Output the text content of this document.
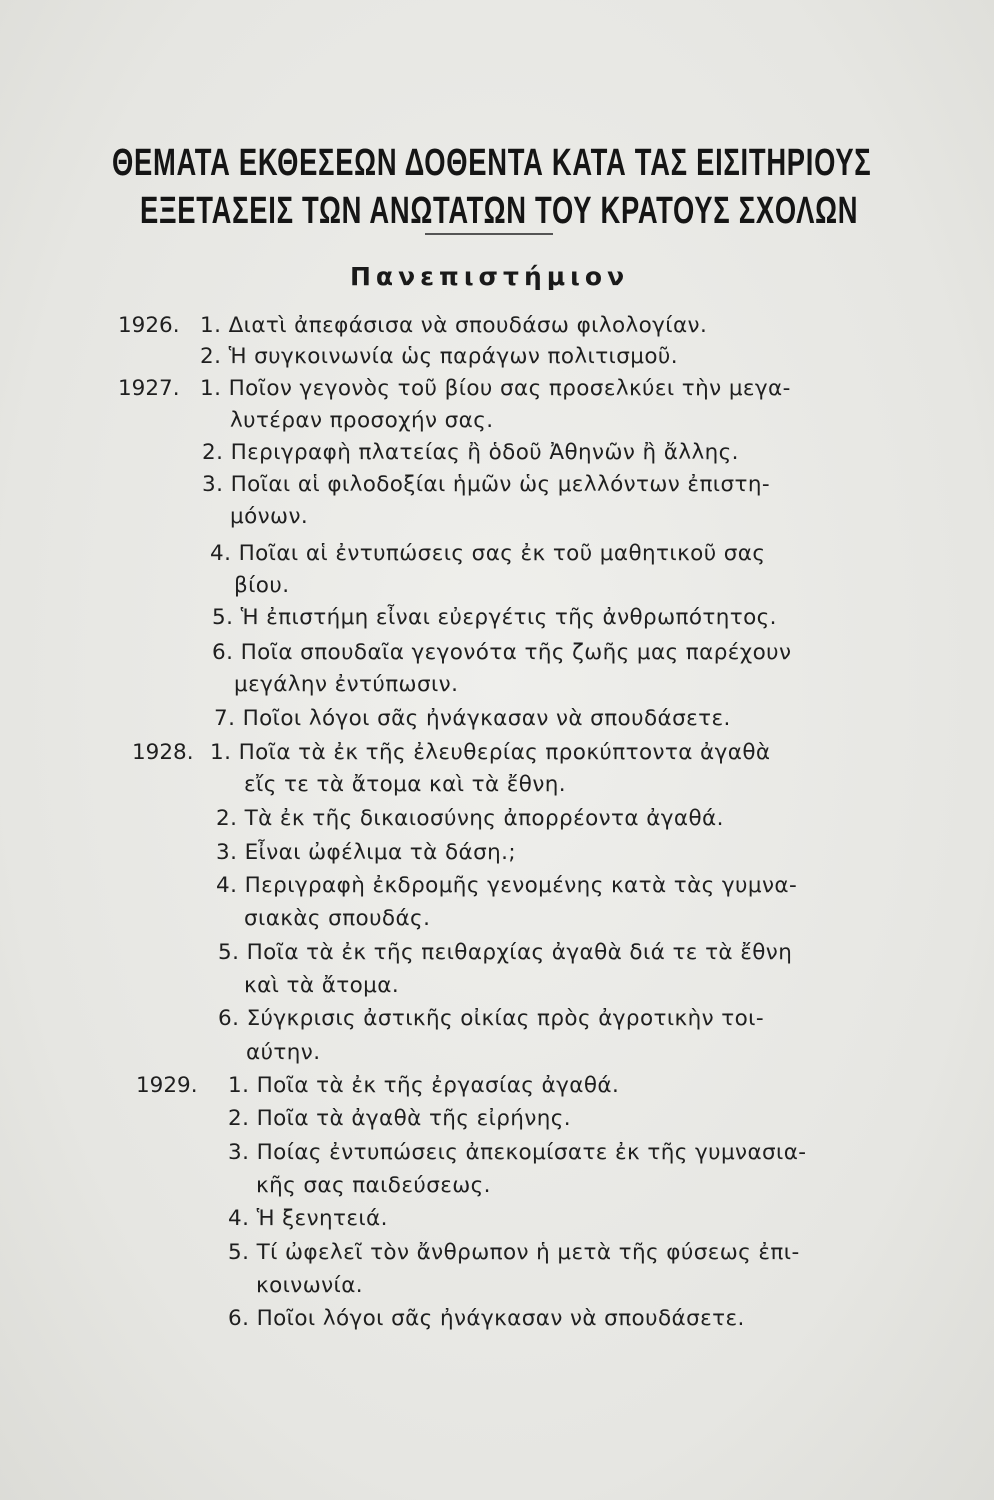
ΘΕΜΑΤΑ ΕΚΘΕΣΕΩΝ ΔΟΘΕΝΤΑ ΚΑΤΑ ΤΑΣ ΕΙΣΙΤΗΡΙΟΥΣ
ΕΞΕΤΑΣΕΙΣ ΤΩΝ ΑΝΩΤΑΤΩΝ ΤΟΥ ΚΡΑΤΟΥΣ ΣΧΟΛΩΝ
Πανεπιστήμιον
1926. 1. Διατὶ ἀπεφάσισα νὰ σπουδάσω φιλολογίαν.
2. Ἡ συγκοινωνία ὡς παράγων πολιτισμοῦ.
1927. 1. Ποῖον γεγονὸς τοῦ βίου σας προσελκύει τὴν μεγα-
λυτέραν προσοχήν σας.
2. Περιγραφὴ πλατείας ἢ ὁδοῦ Ἀθηνῶν ἢ ἄλλης.
3. Ποῖαι αἱ φιλοδοξίαι ἡμῶν ὡς μελλόντων ἐπιστη-
μόνων.
4. Ποῖαι αἱ ἐντυπώσεις σας ἐκ τοῦ μαθητικοῦ σας
βίου.
5. Ἡ ἐπιστήμη εἶναι εὐεργέτις τῆς ἀνθρωπότητος.
6. Ποῖα σπουδαῖα γεγονότα τῆς ζωῆς μας παρέχουν
μεγάλην ἐντύπωσιν.
7. Ποῖοι λόγοι σᾶς ἠνάγκασαν νὰ σπουδάσετε.
1928. 1. Ποῖα τὰ ἐκ τῆς ἐλευθερίας προκύπτοντα ἀγαθὰ
εἴς τε τὰ ἄτομα καὶ τὰ ἔθνη.
2. Τὰ ἐκ τῆς δικαιοσύνης ἀπορρέοντα ἀγαθά.
3. Εἶναι ὠφέλιμα τὰ δάση.;
4. Περιγραφὴ ἐκδρομῆς γενομένης κατὰ τὰς γυμνα-
σιακὰς σπουδάς.
5. Ποῖα τὰ ἐκ τῆς πειθαρχίας ἀγαθὰ διά τε τὰ ἔθνη
καὶ τὰ ἄτομα.
6. Σύγκρισις ἀστικῆς οἰκίας πρὸς ἀγροτικὴν τοι-
αύτην.
1929. 1. Ποῖα τὰ ἐκ τῆς ἐργασίας ἀγαθά.
2. Ποῖα τὰ ἀγαθὰ τῆς εἰρήνης.
3. Ποίας ἐντυπώσεις ἀπεκομίσατε ἐκ τῆς γυμνασια-
κῆς σας παιδεύσεως.
4. Ἡ ξενητειά.
5. Τί ὠφελεῖ τὸν ἄνθρωπον ἡ μετὰ τῆς φύσεως ἐπι-
κοινωνία.
6. Ποῖοι λόγοι σᾶς ἠνάγκασαν νὰ σπουδάσετε.
